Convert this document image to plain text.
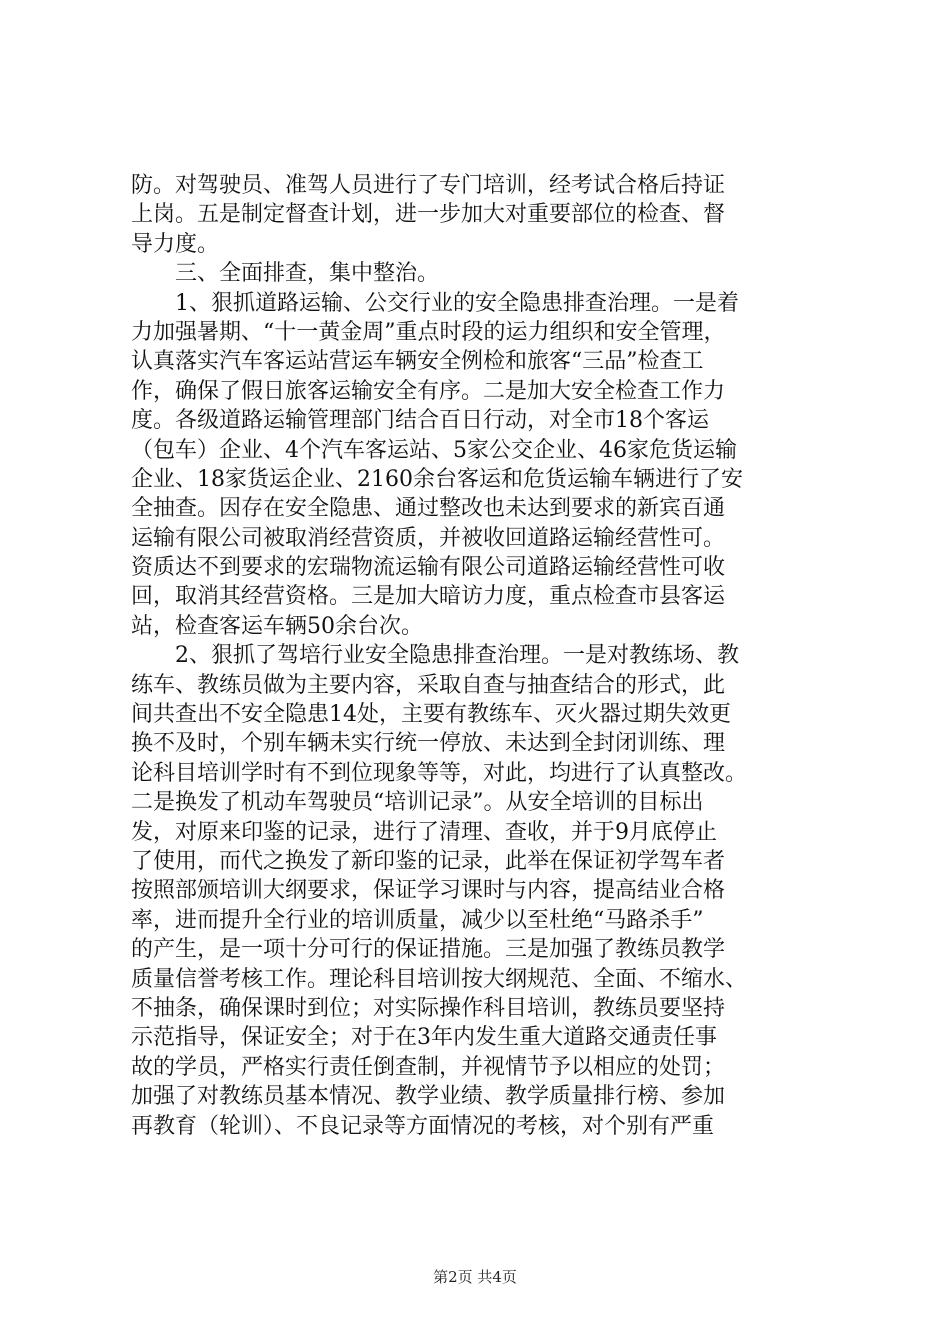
防。对驾驶员、准驾人员进行了专门培训，经考试合格后持证
上岗。五是制定督查计划，进一步加大对重要部位的检查、督
导力度。
　　三、全面排查，集中整治。
　　1、狠抓道路运输、公交行业的安全隐患排查治理。一是着
力加强暑期、“十一黄金周”重点时段的运力组织和安全管理，
认真落实汽车客运站营运车辆安全例检和旅客“三品”检查工
作，确保了假日旅客运输安全有序。二是加大安全检查工作力
度。各级道路运输管理部门结合百日行动，对全市18个客运
（包车）企业、4个汽车客运站、5家公交企业、46家危货运输
企业、18家货运企业、2160余台客运和危货运输车辆进行了安
全抽查。因存在安全隐患、通过整改也未达到要求的新宾百通
运输有限公司被取消经营资质，并被收回道路运输经营性可。
资质达不到要求的宏瑞物流运输有限公司道路运输经营性可收
回，取消其经营资格。三是加大暗访力度，重点检查市县客运
站，检查客运车辆50余台次。
　　2、狠抓了驾培行业安全隐患排查治理。一是对教练场、教
练车、教练员做为主要内容，采取自查与抽查结合的形式，此
间共查出不安全隐患14处，主要有教练车、灭火器过期失效更
换不及时，个别车辆未实行统一停放、未达到全封闭训练、理
论科目培训学时有不到位现象等等，对此，均进行了认真整改。
二是换发了机动车驾驶员“培训记录”。从安全培训的目标出
发，对原来印鉴的记录，进行了清理、查收，并于9月底停止
了使用，而代之换发了新印鉴的记录，此举在保证初学驾车者
按照部颁培训大纲要求，保证学习课时与内容，提高结业合格
率，进而提升全行业的培训质量，减少以至杜绝“马路杀手”
的产生，是一项十分可行的保证措施。三是加强了教练员教学
质量信誉考核工作。理论科目培训按大纲规范、全面、不缩水、
不抽条，确保课时到位；对实际操作科目培训，教练员要坚持
示范指导，保证安全；对于在3年内发生重大道路交通责任事
故的学员，严格实行责任倒查制，并视情节予以相应的处罚；
加强了对教练员基本情况、教学业绩、教学质量排行榜、参加
再教育（轮训）、不良记录等方面情况的考核，对个别有严重
第2页 共4页
